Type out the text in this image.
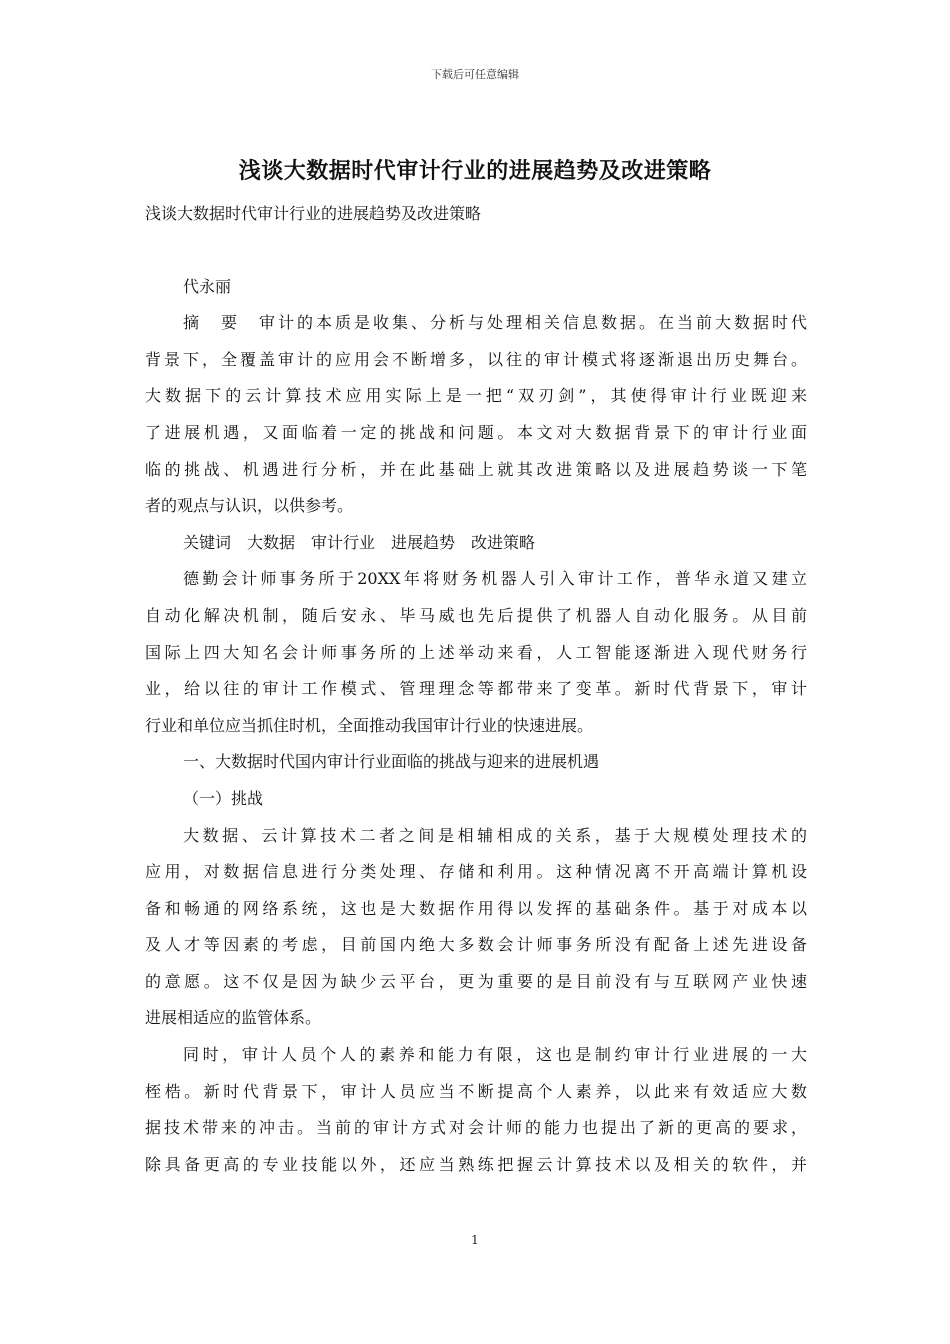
下载后可任意编辑
浅谈大数据时代审计行业的进展趋势及改进策略
浅谈大数据时代审计行业的进展趋势及改进策略
代永丽
摘　要　审计的本质是收集、分析与处理相关信息数据。在当前大数据时代
背景下，全覆盖审计的应用会不断增多，以往的审计模式将逐渐退出历史舞台。
大数据下的云计算技术应用实际上是一把“双刃剑”，其使得审计行业既迎来
了进展机遇，又面临着一定的挑战和问题。本文对大数据背景下的审计行业面
临的挑战、机遇进行分析，并在此基础上就其改进策略以及进展趋势谈一下笔
者的观点与认识，以供参考。
关键词　大数据　审计行业　进展趋势　改进策略
德勤会计师事务所于20XX年将财务机器人引入审计工作，普华永道又建立
自动化解决机制，随后安永、毕马威也先后提供了机器人自动化服务。从目前
国际上四大知名会计师事务所的上述举动来看，人工智能逐渐进入现代财务行
业，给以往的审计工作模式、管理理念等都带来了变革。新时代背景下，审计
行业和单位应当抓住时机，全面推动我国审计行业的快速进展。
一、大数据时代国内审计行业面临的挑战与迎来的进展机遇
（一）挑战
大数据、云计算技术二者之间是相辅相成的关系，基于大规模处理技术的
应用，对数据信息进行分类处理、存储和利用。这种情况离不开高端计算机设
备和畅通的网络系统，这也是大数据作用得以发挥的基础条件。基于对成本以
及人才等因素的考虑，目前国内绝大多数会计师事务所没有配备上述先进设备
的意愿。这不仅是因为缺少云平台，更为重要的是目前没有与互联网产业快速
进展相适应的监管体系。
同时，审计人员个人的素养和能力有限，这也是制约审计行业进展的一大
桎梏。新时代背景下，审计人员应当不断提高个人素养，以此来有效适应大数
据技术带来的冲击。当前的审计方式对会计师的能力也提出了新的更高的要求，
除具备更高的专业技能以外，还应当熟练把握云计算技术以及相关的软件，并
1
